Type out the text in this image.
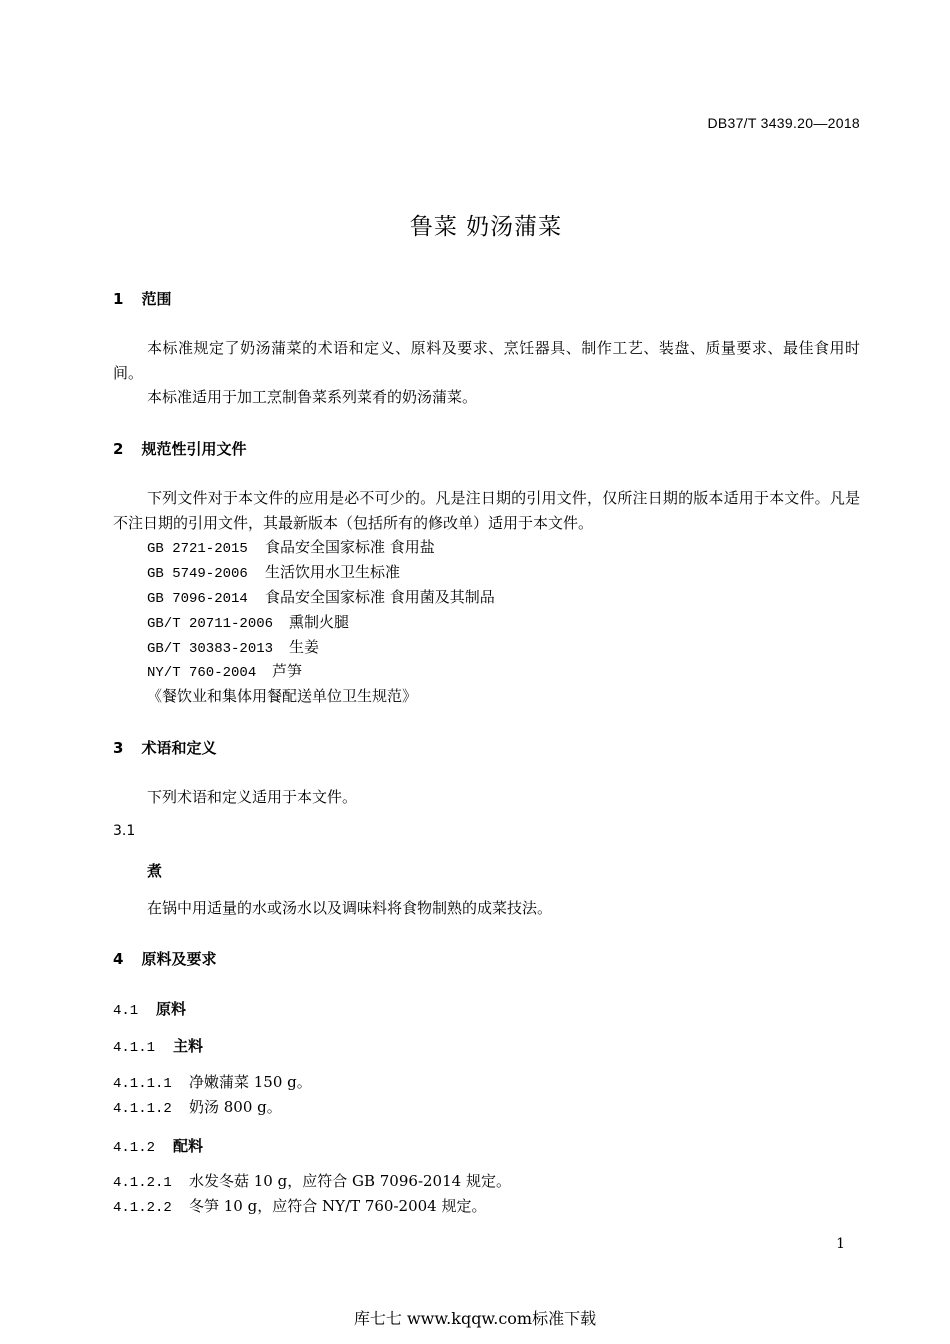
DB37/T 3439.20—2018
鲁菜 奶汤蒲菜
1 范围
本标准规定了奶汤蒲菜的术语和定义、原料及要求、烹饪器具、制作工艺、装盘、质量要求、最佳食用时间。
本标准适用于加工烹制鲁菜系列菜肴的奶汤蒲菜。
2 规范性引用文件
下列文件对于本文件的应用是必不可少的。凡是注日期的引用文件，仅所注日期的版本适用于本文件。凡是不注日期的引用文件，其最新版本（包括所有的修改单）适用于本文件。
GB 2721-2015 食品安全国家标准 食用盐
GB 5749-2006 生活饮用水卫生标准
GB 7096-2014 食品安全国家标准 食用菌及其制品
GB/T 20711-2006 熏制火腿
GB/T 30383-2013 生姜
NY/T 760-2004 芦笋
《餐饮业和集体用餐配送单位卫生规范》
3 术语和定义
下列术语和定义适用于本文件。
3.1
煮
在锅中用适量的水或汤水以及调味料将食物制熟的成菜技法。
4 原料及要求
4.1 原料
4.1.1 主料
4.1.1.1 净嫩蒲菜 150 g。
4.1.1.2 奶汤 800 g。
4.1.2 配料
4.1.2.1 水发冬菇 10 g，应符合 GB 7096-2014 规定。
4.1.2.2 冬笋 10 g，应符合 NY/T 760-2004 规定。
1
库七七 www.kqqw.com标准下载
